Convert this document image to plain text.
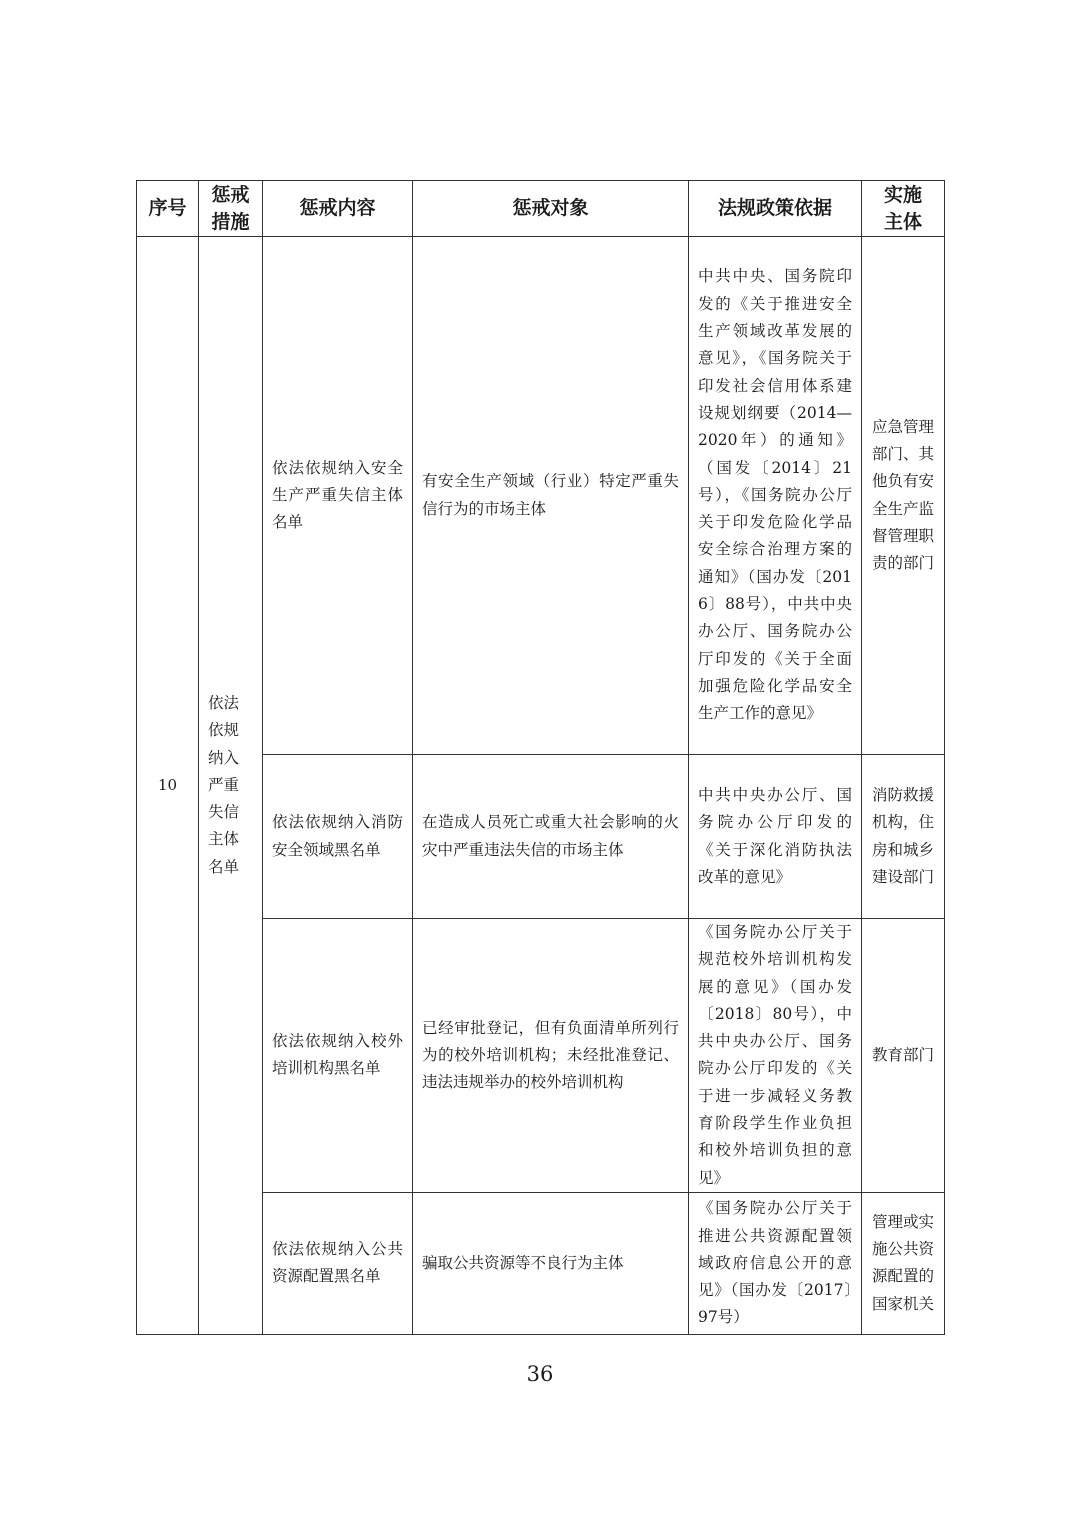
序号	惩戒措施	惩戒内容	惩戒对象	法规政策依据	实施主体

10	依法依规纳入严重失信主体名单	依法依规纳入安全生产严重失信主体名单	有安全生产领域（行业）特定严重失信行为的市场主体	中共中央、国务院印发的《关于推进安全生产领域改革发展的意见》，《国务院关于印发社会信用体系建设规划纲要（2014—2020年）的通知》（国发〔2014〕21号），《国务院办公厅关于印发危险化学品安全综合治理方案的通知》（国办发〔2016〕88号），中共中央办公厅、国务院办公厅印发的《关于全面加强危险化学品安全生产工作的意见》	应急管理部门、其他负有安全生产监督管理职责的部门

		依法依规纳入消防安全领域黑名单	在造成人员死亡或重大社会影响的火灾中严重违法失信的市场主体	中共中央办公厅、国务院办公厅印发的《关于深化消防执法改革的意见》	消防救援机构，住房和城乡建设部门

		依法依规纳入校外培训机构黑名单	已经审批登记，但有负面清单所列行为的校外培训机构；未经批准登记、违法违规举办的校外培训机构	《国务院办公厅关于规范校外培训机构发展的意见》（国办发〔2018〕80号），中共中央办公厅、国务院办公厅印发的《关于进一步减轻义务教育阶段学生作业负担和校外培训负担的意见》	教育部门

		依法依规纳入公共资源配置黑名单	骗取公共资源等不良行为主体	《国务院办公厅关于推进公共资源配置领域政府信息公开的意见》（国办发〔2017〕97号）	管理或实施公共资源配置的国家机关
36
